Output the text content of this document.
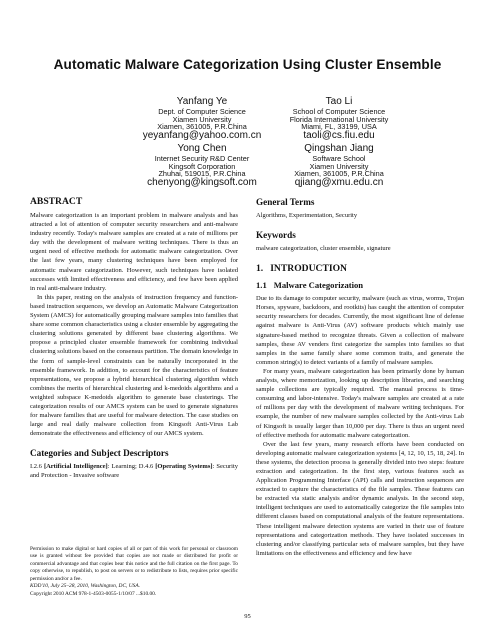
Automatic Malware Categorization Using Cluster Ensemble
Yanfang Ye
Dept. of Computer Science
Xiamen University
Xiamen, 361005, P.R.China
yeyanfang@yahoo.com.cn
Tao Li
School of Computer Science
Florida International University
Miami, FL, 33199, USA
taoli@cs.fiu.edu
Yong Chen
Internet Security R&D Center
Kingsoft Corporation
Zhuhai, 519015, P.R.China
chenyong@kingsoft.com
Qingshan Jiang
Software School
Xiamen University
Xiamen, 361005, P.R.China
qjiang@xmu.edu.cn
ABSTRACT

Malware categorization is an important problem in malware analysis and has attracted a lot of attention of computer security researchers and anti-malware industry recently. Today's malware samples are created at a rate of millions per day with the development of malware writing techniques. There is thus an urgent need of effective methods for automatic malware categorization. Over the last few years, many clustering techniques have been employed for automatic malware categorization. However, such techniques have isolated successes with limited effectiveness and efficiency, and few have been applied in real anti-malware industry.

In this paper, resting on the analysis of instruction frequency and function-based instruction sequences, we develop an Automatic Malware Categorization System (AMCS) for automatically grouping malware samples into families that share some common characteristics using a cluster ensemble by aggregating the clustering solutions generated by different base clustering algorithms. We propose a principled cluster ensemble framework for combining individual clustering solutions based on the consensus partition. The domain knowledge in the form of sample-level constraints can be naturally incorporated in the ensemble framework. In addition, to account for the characteristics of feature representations, we propose a hybrid hierarchical clustering algorithm which combines the merits of hierarchical clustering and k-medoids algorithms and a weighted subspace K-medoids algorithm to generate base clusterings. The categorization results of our AMCS system can be used to generate signatures for malware families that are useful for malware detection. The case studies on large and real daily malware collection from Kingsoft Anti-Virus Lab demonstrate the effectiveness and efficiency of our AMCS system.

Categories and Subject Descriptors

I.2.6 [Artificial Intelligence]: Learning; D.4.6 [Operating Systems]: Security and Protection - Invasive software

Permission to make digital or hard copies of all or part of this work for personal or classroom use is granted without fee provided that copies are not made or distributed for profit or commercial advantage and that copies bear this notice and the full citation on the first page. To copy otherwise, to republish, to post on servers or to redistribute to lists, requires prior specific permission and/or a fee.

KDD'10, July 25–28, 2010, Washington, DC, USA.

Copyright 2010 ACM 978-1-4503-0055-1/10/07 ...$10.00.

General Terms

Algorithms, Experimentation, Security

Keywords

malware categorization, cluster ensemble, signature

1. INTRODUCTION
1.1 Malware Categorization

Due to its damage to computer security, malware (such as virus, worms, Trojan Horses, spyware, backdoors, and rootkits) has caught the attention of computer security researchers for decades. Currently, the most significant line of defense against malware is Anti-Virus (AV) software products which mainly use signature-based method to recognize threats. Given a collection of malware samples, these AV venders first categorize the samples into families so that samples in the same family share some common traits, and generate the common string(s) to detect variants of a family of malware samples.

For many years, malware categorization has been primarily done by human analysts, where memorization, looking up description libraries, and searching sample collections are typically required. The manual process is time-consuming and labor-intensive. Today's malware samples are created at a rate of millions per day with the development of malware writing techniques. For example, the number of new malware samples collected by the Anti-virus Lab of Kingsoft is usually larger than 10,000 per day. There is thus an urgent need of effective methods for automatic malware categorization.

Over the last few years, many research efforts have been conducted on developing automatic malware categorization systems [4, 12, 10, 15, 18, 24]. In these systems, the detection process is generally divided into two steps: feature extraction and categorization. In the first step, various features such as Application Programming Interface (API) calls and instruction sequences are extracted to capture the characteristics of the file samples. These features can be extracted via static analysis and/or dynamic analysis. In the second step, intelligent techniques are used to automatically categorize the file samples into different classes based on computational analysis of the feature representations. These intelligent malware detection systems are varied in their use of feature representations and categorization methods. They have isolated successes in clustering and/or classifying particular sets of malware samples, but they have limitations on the effectiveness and efficiency and few have

95
